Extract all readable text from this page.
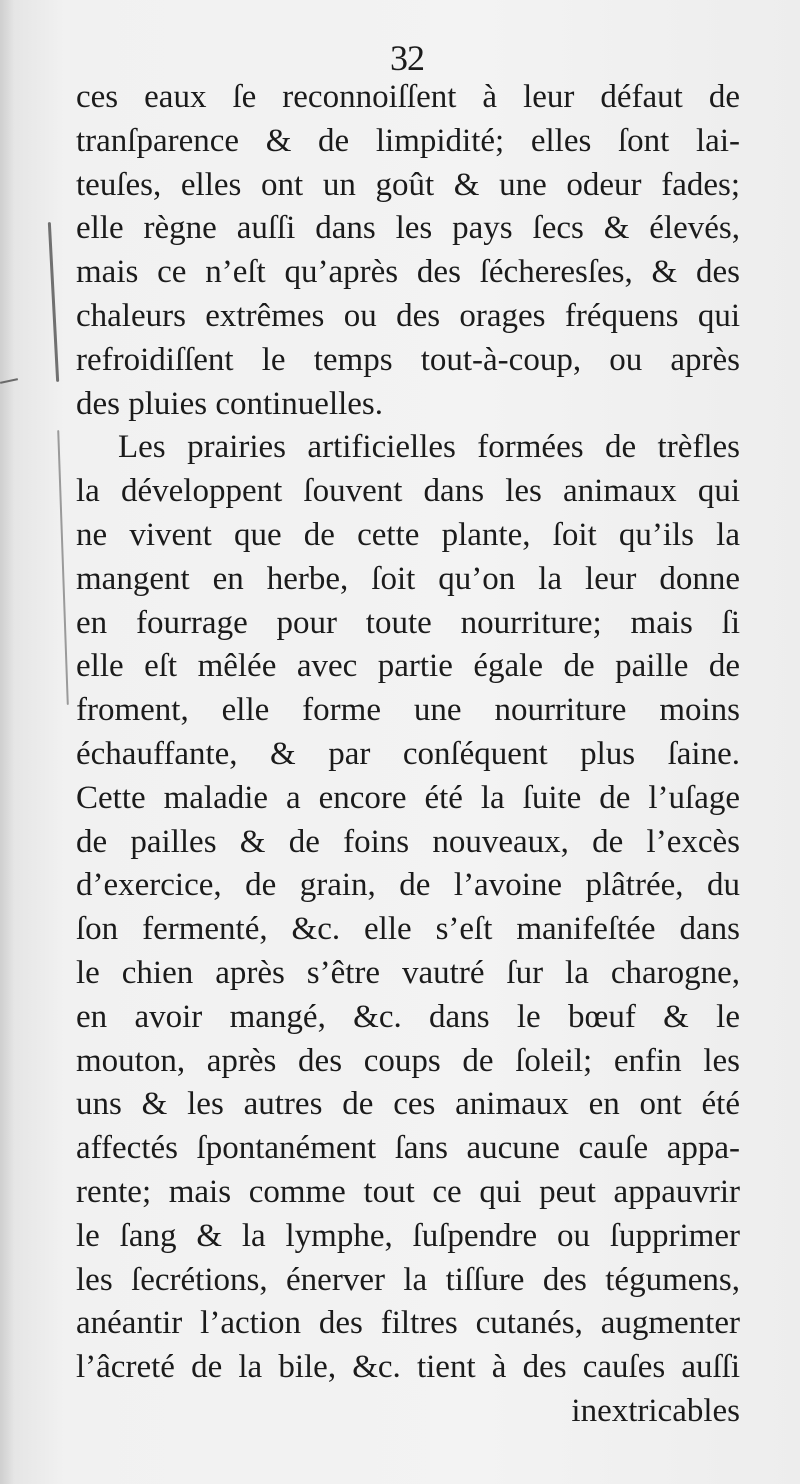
32
ces eaux ſe reconnoiſſent à leur défaut de
tranſparence & de limpidité; elles ſont lai-
teuſes, elles ont un goût & une odeur fades;
elle règne auſſi dans les pays ſecs & élevés,
mais ce n’eſt qu’après des ſécheresſes, & des
chaleurs extrêmes ou des orages fréquens qui
refroidiſſent le temps tout-à-coup, ou après
des pluies continuelles.
Les prairies artificielles formées de trèfles
la développent ſouvent dans les animaux qui
ne vivent que de cette plante, ſoit qu’ils la
mangent en herbe, ſoit qu’on la leur donne
en fourrage pour toute nourriture; mais ſi
elle eſt mêlée avec partie égale de paille de
froment, elle forme une nourriture moins
échauffante, & par conſéquent plus ſaine.
Cette maladie a encore été la ſuite de l’uſage
de pailles & de foins nouveaux, de l’excès
d’exercice, de grain, de l’avoine plâtrée, du
ſon fermenté, &c. elle s’eſt manifeſtée dans
le chien après s’être vautré ſur la charogne,
en avoir mangé, &c. dans le bœuf & le
mouton, après des coups de ſoleil; enfin les
uns & les autres de ces animaux en ont été
affectés ſpontanément ſans aucune cauſe appa-
rente; mais comme tout ce qui peut appauvrir
le ſang & la lymphe, ſuſpendre ou ſupprimer
les ſecrétions, énerver la tiſſure des tégumens,
anéantir l’action des filtres cutanés, augmenter
l’âcreté de la bile, &c. tient à des cauſes auſſi
inextricables
